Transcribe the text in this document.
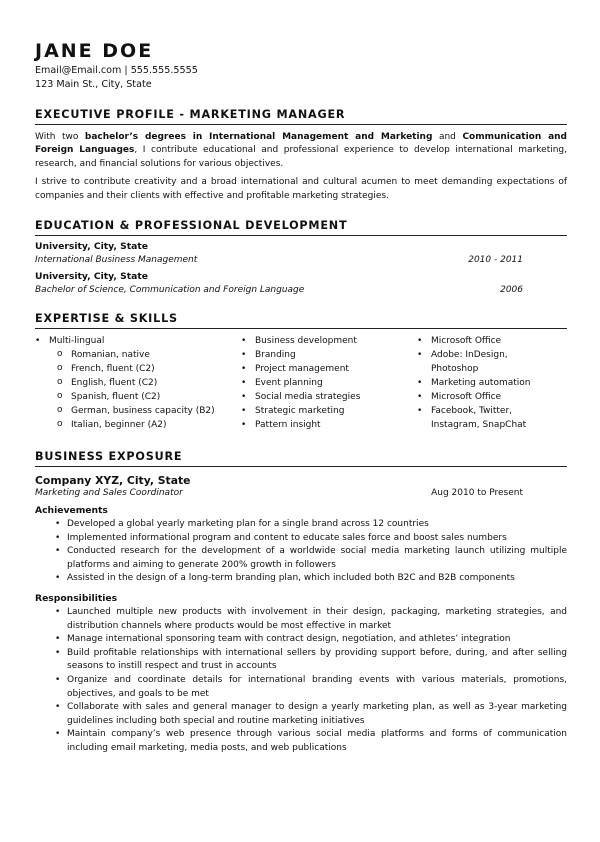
JANE DOE
Email@Email.com | 555.555.5555
123 Main St., City, State
EXECUTIVE PROFILE - MARKETING MANAGER

With two bachelor’s degrees in International Management and Marketing and Communication and Foreign Languages, I contribute educational and professional experience to develop international marketing, research, and financial solutions for various objectives.

I strive to contribute creativity and a broad international and cultural acumen to meet demanding expectations of companies and their clients with effective and profitable marketing strategies.

EDUCATION & PROFESSIONAL DEVELOPMENT
University, City, State
International Business Management	2010 - 2011
University, City, State
Bachelor of Science, Communication and Foreign Language	2006
EXPERTISE & SKILLS
• Multi-lingual
o Romanian, native
o French, fluent (C2)
o English, fluent (C2)
o Spanish, fluent (C2)
o German, business capacity (B2)
o Italian, beginner (A2)
• Business development
• Branding
• Project management
• Event planning
• Social media strategies
• Strategic marketing
• Pattern insight
• Microsoft Office
• Adobe: InDesign, Photoshop
• Marketing automation
• Microsoft Office
• Facebook, Twitter, Instagram, SnapChat
BUSINESS EXPOSURE
Company XYZ, City, State
Marketing and Sales Coordinator	Aug 2010 to Present
Achievements
• Developed a global yearly marketing plan for a single brand across 12 countries
• Implemented informational program and content to educate sales force and boost sales numbers
• Conducted research for the development of a worldwide social media marketing launch utilizing multiple platforms and aiming to generate 200% growth in followers
• Assisted in the design of a long-term branding plan, which included both B2C and B2B components
Responsibilities
• Launched multiple new products with involvement in their design, packaging, marketing strategies, and distribution channels where products would be most effective in market
• Manage international sponsoring team with contract design, negotiation, and athletes’ integration
• Build profitable relationships with international sellers by providing support before, during, and after selling seasons to instill respect and trust in accounts
• Organize and coordinate details for international branding events with various materials, promotions, objectives, and goals to be met
• Collaborate with sales and general manager to design a yearly marketing plan, as well as 3-year marketing guidelines including both special and routine marketing initiatives
• Maintain company’s web presence through various social media platforms and forms of communication including email marketing, media posts, and web publications
